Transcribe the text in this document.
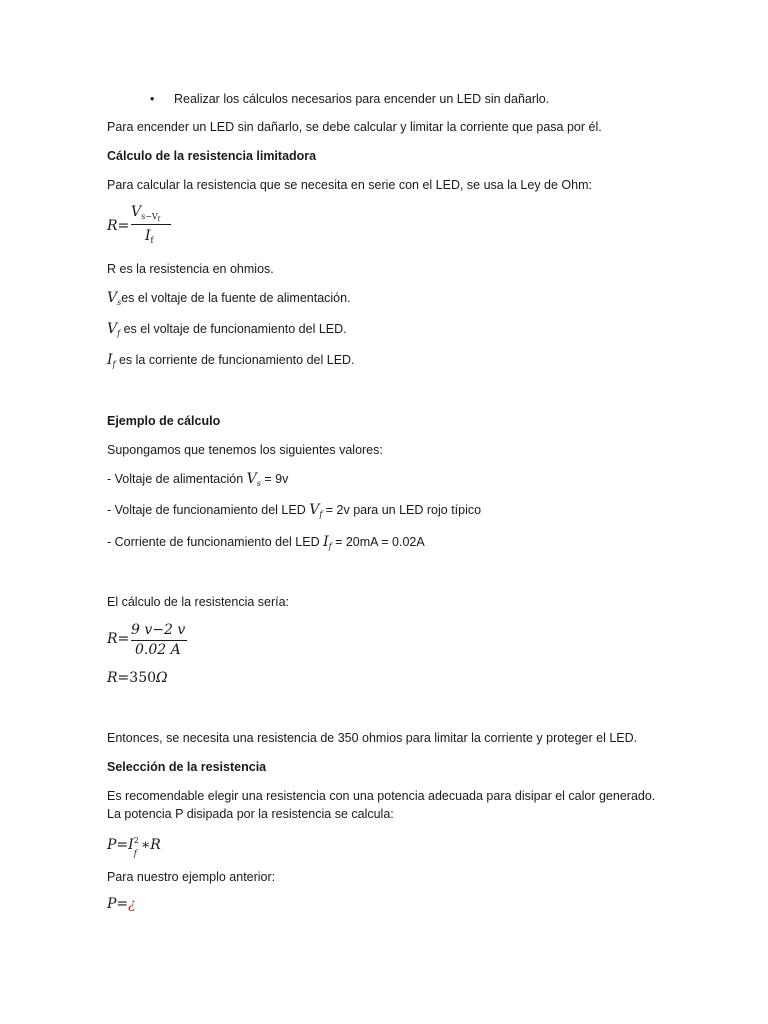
• Realizar los cálculos necesarios para encender un LED sin dañarlo.
Para encender un LED sin dañarlo, se debe calcular y limitar la corriente que pasa por él.
Cálculo de la resistencia limitadora
Para calcular la resistencia que se necesita en serie con el LED, se usa la Ley de Ohm:
R=
$V_{s-V_f}$
$I_f$
R es la resistencia en ohmios.
$V_ses$ el voltaje de la fuente de alimentación.
$V_f$ es el voltaje de funcionamiento del LED.
$I_f$ es la corriente de funcionamiento del LED.
Ejemplo de cálculo
Supongamos que tenemos los siguientes valores:
- Voltaje de alimentación $V_s = 9v$
- Voltaje de funcionamiento del LED $V_f = 2v$ para un LED rojo típico
- Corriente de funcionamiento del LED $I_f = 20mA = 0.02A$
El cálculo de la resistencia sería:
R=
9 v−2 v
0.02 A
R=350Ω
Entonces, se necesita una resistencia de 350 ohmios para limitar la corriente y proteger el LED.
Selección de la resistencia
Es recomendable elegir una resistencia con una potencia adecuada para disipar el calor generado.
La potencia P disipada por la resistencia se calcula:
P=I 2
f
∗R
Para nuestro ejemplo anterior:
P=¿
